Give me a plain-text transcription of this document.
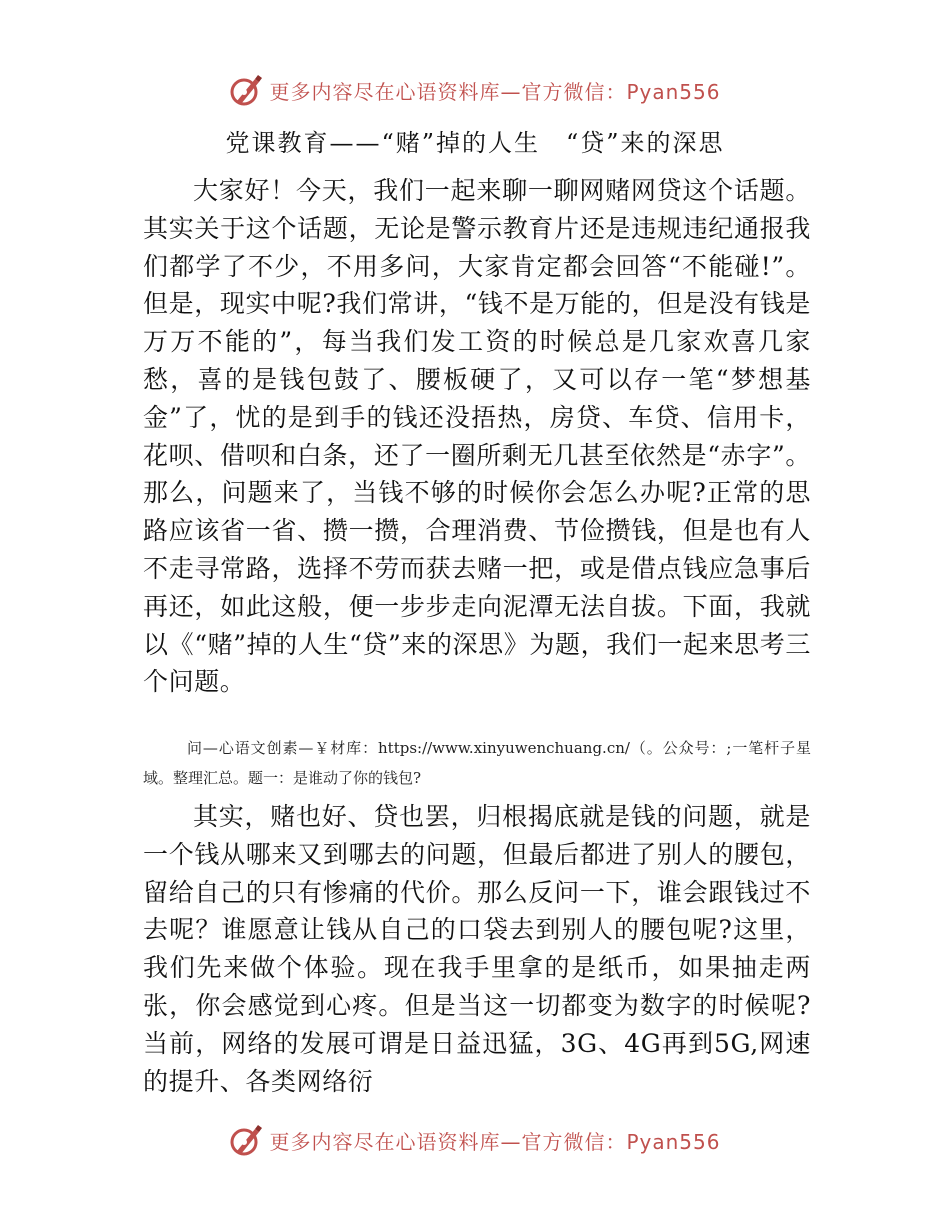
更多内容尽在心语资料库—官方微信：Pyan556
党课教育——“赌”掉的人生　“贷”来的深思

大家好！今天，我们一起来聊一聊网赌网贷这个话题。其实关于这个话题，无论是警示教育片还是违规违纪通报我们都学了不少，不用多问，大家肯定都会回答“不能碰!”。但是，现实中呢?我们常讲，“钱不是万能的，但是没有钱是万万不能的”，每当我们发工资的时候总是几家欢喜几家愁，喜的是钱包鼓了、腰板硬了，又可以存一笔“梦想基金”了，忧的是到手的钱还没捂热，房贷、车贷、信用卡，花呗、借呗和白条，还了一圈所剩无几甚至依然是“赤字”。那么，问题来了，当钱不够的时候你会怎么办呢?正常的思路应该省一省、攒一攒，合理消费、节俭攒钱，但是也有人不走寻常路，选择不劳而获去赌一把，或是借点钱应急事后再还，如此这般，便一步步走向泥潭无法自拔。下面，我就以《“赌”掉的人生“贷”来的深思》为题，我们一起来思考三个问题。

问—心语文创素—￥材库：https://www.xinyuwenchuang.cn/（。公众号：;一笔杆子星域。整理汇总。题一：是谁动了你的钱包?

其实，赌也好、贷也罢，归根揭底就是钱的问题，就是一个钱从哪来又到哪去的问题，但最后都进了别人的腰包，留给自己的只有惨痛的代价。那么反问一下，谁会跟钱过不去呢？谁愿意让钱从自己的口袋去到别人的腰包呢?这里，我们先来做个体验。现在我手里拿的是纸币，如果抽走两张，你会感觉到心疼。但是当这一切都变为数字的时候呢?当前，网络的发展可谓是日益迅猛，3G、4G再到5G,网速的提升、各类网络衍

更多内容尽在心语资料库—官方微信：Pyan556
